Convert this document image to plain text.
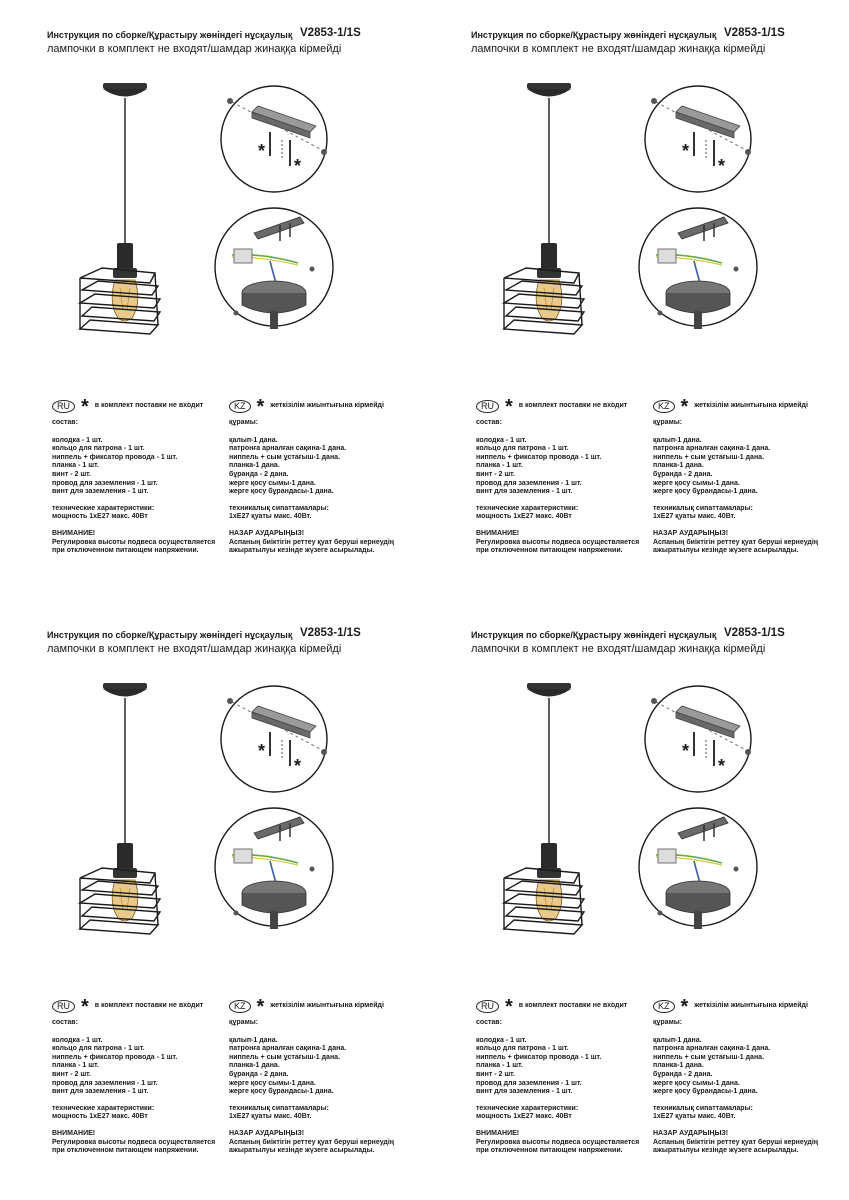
Инструкция по сборке/Құрастыру жөніндегі нұсқаулық V2853-1/1S
лампочки в комплект не входят/шамдар жинаққа кірмейді
*
*
RU * в комплект поставки не входит
состав:
колодка - 1 шт.
кольцо для патрона - 1 шт.
ниппель + фиксатор провода - 1 шт.
планка - 1 шт.
винт - 2 шт.
провод для заземления - 1 шт.
винт для заземления - 1 шт.
технические характеристики:
мощность 1хЕ27 макс. 40Вт
ВНИМАНИЕ!
Регулировка высоты подвеса осуществляется
при отключенном питающем напряжении.
KZ * жеткізілім жиынтығына кірмейді
құрамы:
қалып-1 дана.
патронға арналған сақина-1 дана.
ниппель + сым ұстағыш-1 дана.
планка-1 дана.
бұранда - 2 дана.
жерге қосу сымы-1 дана.
жерге қосу бұрандасы-1 дана.
техникалық сипаттамалары:
1хЕ27 қуаты макс. 40Вт.
НАЗАР АУДАРЫҢЫЗ!
Аспаның биіктігін реттеу қуат беруші кернеудің
ажыратылуы кезінде жүзеге асырылады.
Инструкция по сборке/Құрастыру жөніндегі нұсқаулық V2853-1/1S
лампочки в комплект не входят/шамдар жинаққа кірмейді
*
*
RU * в комплект поставки не входит
состав:
колодка - 1 шт.
кольцо для патрона - 1 шт.
ниппель + фиксатор провода - 1 шт.
планка - 1 шт.
винт - 2 шт.
провод для заземления - 1 шт.
винт для заземления - 1 шт.
технические характеристики:
мощность 1хЕ27 макс. 40Вт
ВНИМАНИЕ!
Регулировка высоты подвеса осуществляется
при отключенном питающем напряжении.
KZ * жеткізілім жиынтығына кірмейді
құрамы:
қалып-1 дана.
патронға арналған сақина-1 дана.
ниппель + сым ұстағыш-1 дана.
планка-1 дана.
бұранда - 2 дана.
жерге қосу сымы-1 дана.
жерге қосу бұрандасы-1 дана.
техникалық сипаттамалары:
1хЕ27 қуаты макс. 40Вт.
НАЗАР АУДАРЫҢЫЗ!
Аспаның биіктігін реттеу қуат беруші кернеудің
ажыратылуы кезінде жүзеге асырылады.
Инструкция по сборке/Құрастыру жөніндегі нұсқаулық V2853-1/1S
лампочки в комплект не входят/шамдар жинаққа кірмейді
*
*
RU * в комплект поставки не входит
состав:
колодка - 1 шт.
кольцо для патрона - 1 шт.
ниппель + фиксатор провода - 1 шт.
планка - 1 шт.
винт - 2 шт.
провод для заземления - 1 шт.
винт для заземления - 1 шт.
технические характеристики:
мощность 1хЕ27 макс. 40Вт
ВНИМАНИЕ!
Регулировка высоты подвеса осуществляется
при отключенном питающем напряжении.
KZ * жеткізілім жиынтығына кірмейді
құрамы:
қалып-1 дана.
патронға арналған сақина-1 дана.
ниппель + сым ұстағыш-1 дана.
планка-1 дана.
бұранда - 2 дана.
жерге қосу сымы-1 дана.
жерге қосу бұрандасы-1 дана.
техникалық сипаттамалары:
1хЕ27 қуаты макс. 40Вт.
НАЗАР АУДАРЫҢЫЗ!
Аспаның биіктігін реттеу қуат беруші кернеудің
ажыратылуы кезінде жүзеге асырылады.
Инструкция по сборке/Құрастыру жөніндегі нұсқаулық V2853-1/1S
лампочки в комплект не входят/шамдар жинаққа кірмейді
*
*
RU * в комплект поставки не входит
состав:
колодка - 1 шт.
кольцо для патрона - 1 шт.
ниппель + фиксатор провода - 1 шт.
планка - 1 шт.
винт - 2 шт.
провод для заземления - 1 шт.
винт для заземления - 1 шт.
технические характеристики:
мощность 1хЕ27 макс. 40Вт
ВНИМАНИЕ!
Регулировка высоты подвеса осуществляется
при отключенном питающем напряжении.
KZ * жеткізілім жиынтығына кірмейді
құрамы:
қалып-1 дана.
патронға арналған сақина-1 дана.
ниппель + сым ұстағыш-1 дана.
планка-1 дана.
бұранда - 2 дана.
жерге қосу сымы-1 дана.
жерге қосу бұрандасы-1 дана.
техникалық сипаттамалары:
1хЕ27 қуаты макс. 40Вт.
НАЗАР АУДАРЫҢЫЗ!
Аспаның биіктігін реттеу қуат беруші кернеудің
ажыратылуы кезінде жүзеге асырылады.
